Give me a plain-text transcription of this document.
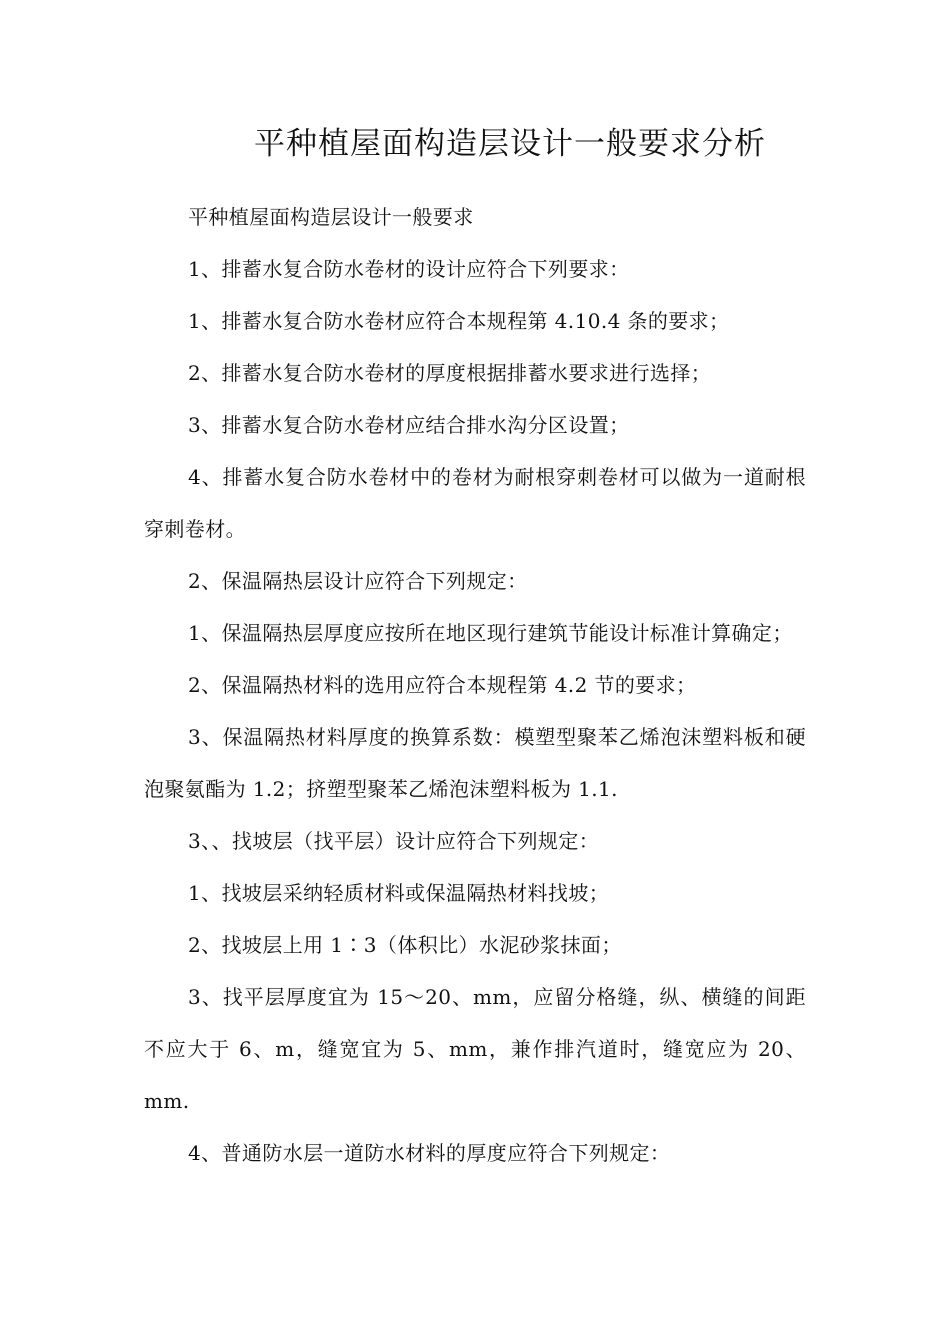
平种植屋面构造层设计一般要求分析

平种植屋面构造层设计一般要求

1、排蓄水复合防水卷材的设计应符合下列要求：

1、排蓄水复合防水卷材应符合本规程第 4.10.4 条的要求；

2、排蓄水复合防水卷材的厚度根据排蓄水要求进行选择；

3、排蓄水复合防水卷材应结合排水沟分区设置；

4、排蓄水复合防水卷材中的卷材为耐根穿刺卷材可以做为一道耐根穿刺卷材。

2、保温隔热层设计应符合下列规定：

1、保温隔热层厚度应按所在地区现行建筑节能设计标准计算确定；

2、保温隔热材料的选用应符合本规程第 4.2 节的要求；

3、保温隔热材料厚度的换算系数：模塑型聚苯乙烯泡沫塑料板和硬泡聚氨酯为 1.2；挤塑型聚苯乙烯泡沫塑料板为 1.1.

3、、找坡层（找平层）设计应符合下列规定：

1、找坡层采纳轻质材料或保温隔热材料找坡；

2、找坡层上用 1∶3（体积比）水泥砂浆抹面；

3、找平层厚度宜为 15～20、mm，应留分格缝，纵、横缝的间距不应大于 6、m，缝宽宜为 5、mm，兼作排汽道时，缝宽应为 20、mm.

4、普通防水层一道防水材料的厚度应符合下列规定：
